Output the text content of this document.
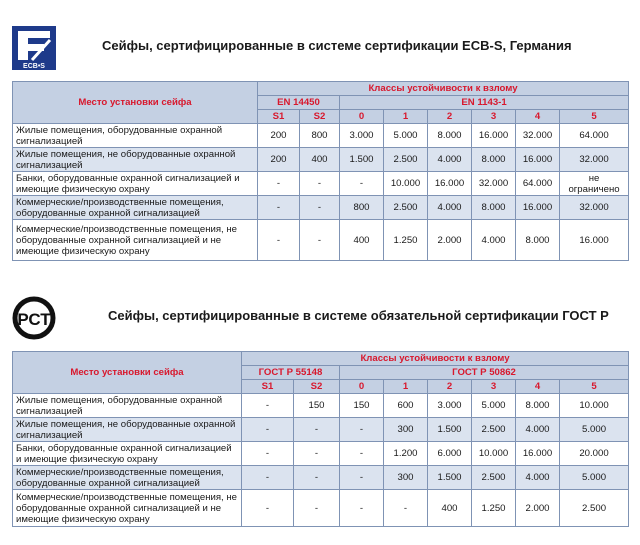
ECB•S
Сейфы, сертифицированные в системе сертификации ECB-S, Германия
Место установки сейфа	Классы устойчивости к взлому							
	EN 14450		EN 1143-1					
	S1	S2	0	1	2	3	4	5
Жилые помещения, оборудованные охранной сигнализацией	200	800	3.000	5.000	8.000	16.000	32.000	64.000
Жилые помещения, не оборудованные охранной сигнализацией	200	400	1.500	2.500	4.000	8.000	16.000	32.000
Банки, оборудованные охранной сигнализацией и имеющие физическую охрану	-	-	-	10.000	16.000	32.000	64.000	не ограничено
Коммерческие/производственные помещения, оборудованные охранной сигнализацией	-	-	800	2.500	4.000	8.000	16.000	32.000
Коммерческие/производственные помещения, не оборудованные охранной сигнализацией и не имеющие физическую охрану	-	-	400	1.250	2.000	4.000	8.000	16.000
РСТ	Сейфы, сертифицированные в системе обязательной сертификации ГОСТ Р
Место установки сейфа	Классы устойчивости к взлому							
	ГОСТ Р 55148		ГОСТ Р 50862					
	S1	S2	0	1	2	3	4	5
Жилые помещения, оборудованные охранной сигнализацией	-	150	150	600	3.000	5.000	8.000	10.000
Жилые помещения, не оборудованные охранной сигнализацией	-	-	-	300	1.500	2.500	4.000	5.000
Банки, оборудованные охранной сигнализацией и имеющие физическую охрану	-	-	-	1.200	6.000	10.000	16.000	20.000
Коммерческие/производственные помещения, оборудованные охранной сигнализацией	-	-	-	300	1.500	2.500	4.000	5.000
Коммерческие/производственные помещения, не оборудованные охранной сигнализацией и не имеющие физическую охрану	-	-	-	-	400	1.250	2.000	2.500
